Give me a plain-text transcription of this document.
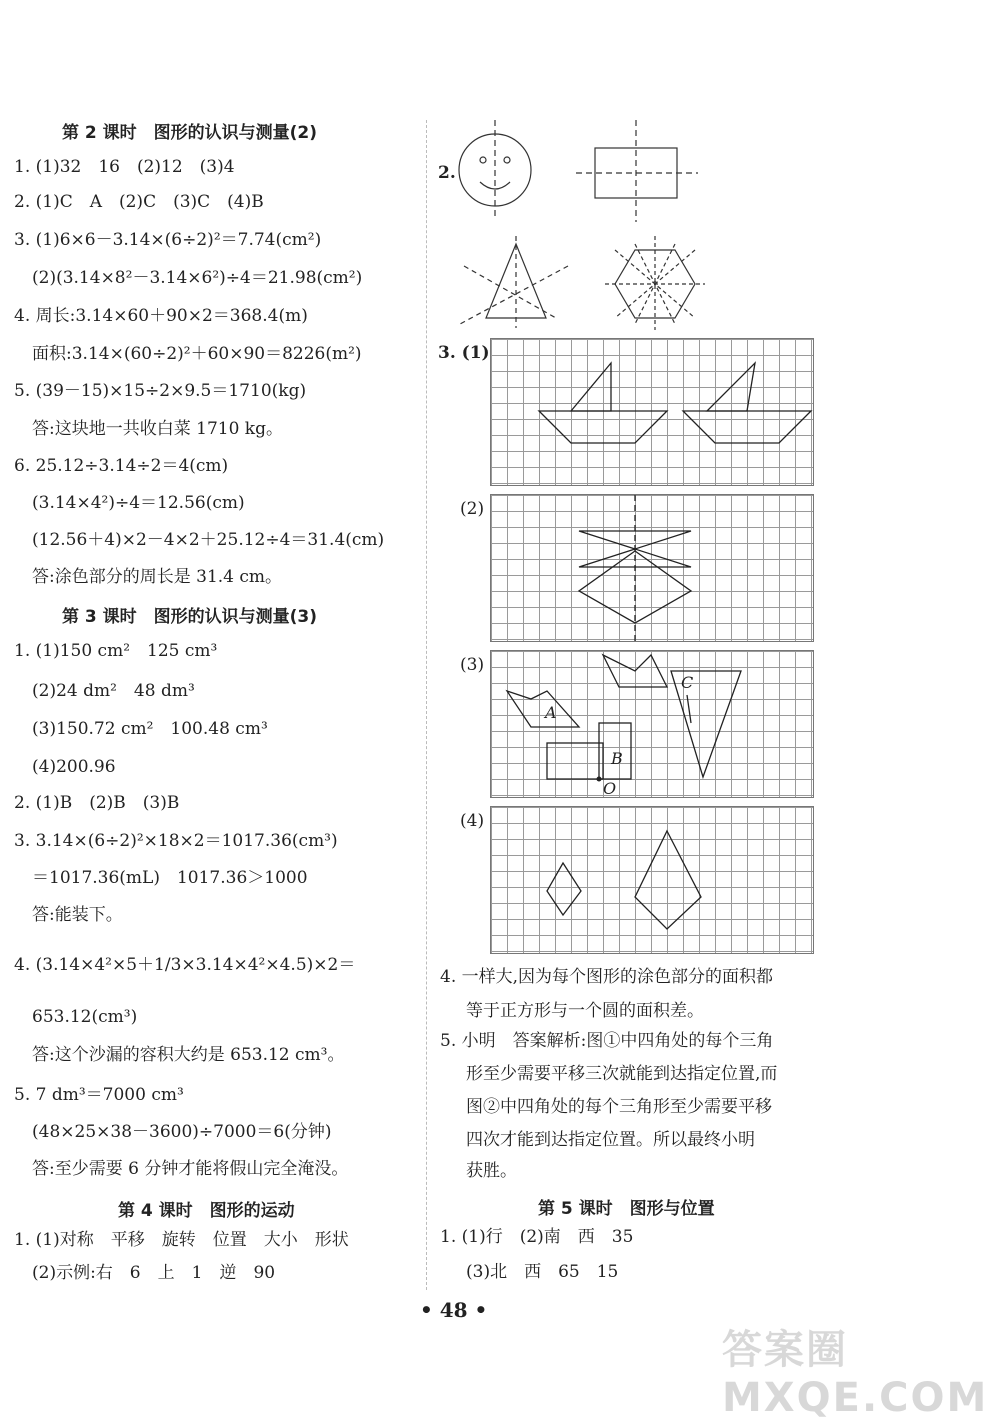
第 2 课时　图形的认识与测量(2)
1. (1)32　16　(2)12　(3)4
2. (1)C　A　(2)C　(3)C　(4)B
3. (1)6×6－3.14×(6÷2)²＝7.74(cm²)
(2)(3.14×8²－3.14×6²)÷4＝21.98(cm²)
4. 周长:3.14×60＋90×2＝368.4(m)
面积:3.14×(60÷2)²＋60×90＝8226(m²)
5. (39－15)×15÷2×9.5＝1710(kg)
答:这块地一共收白菜 1710 kg。
6. 25.12÷3.14÷2＝4(cm)
(3.14×4²)÷4＝12.56(cm)
(12.56＋4)×2－4×2＋25.12÷4＝31.4(cm)
答:涂色部分的周长是 31.4 cm。
第 3 课时　图形的认识与测量(3)
1. (1)150 cm²　125 cm³
(2)24 dm²　48 dm³
(3)150.72 cm²　100.48 cm³
(4)200.96
2. (1)B　(2)B　(3)B
3. 3.14×(6÷2)²×18×2＝1017.36(cm³)
＝1017.36(mL)　1017.36＞1000
答:能装下。
4. (3.14×4²×5＋1/3×3.14×4²×4.5)×2＝
653.12(cm³)
答:这个沙漏的容积大约是 653.12 cm³。
5. 7 dm³＝7000 cm³
(48×25×38－3600)÷7000＝6(分钟)
答:至少需要 6 分钟才能将假山完全淹没。
第 4 课时　图形的运动
1. (1)对称　平移　旋转　位置　大小　形状
(2)示例:右　6　上　1　逆　90
2.
3. (1)
(2)
(3)
A
B
C
O
(4)
4. 一样大,因为每个图形的涂色部分的面积都
等于正方形与一个圆的面积差。
5. 小明　答案解析:图①中四角处的每个三角
形至少需要平移三次就能到达指定位置,而
图②中四角处的每个三角形至少需要平移
四次才能到达指定位置。所以最终小明
获胜。
第 5 课时　图形与位置
1. (1)行　(2)南　西　35
(3)北　西　65　15
• 48 •
答案圈 MXQE.COM
